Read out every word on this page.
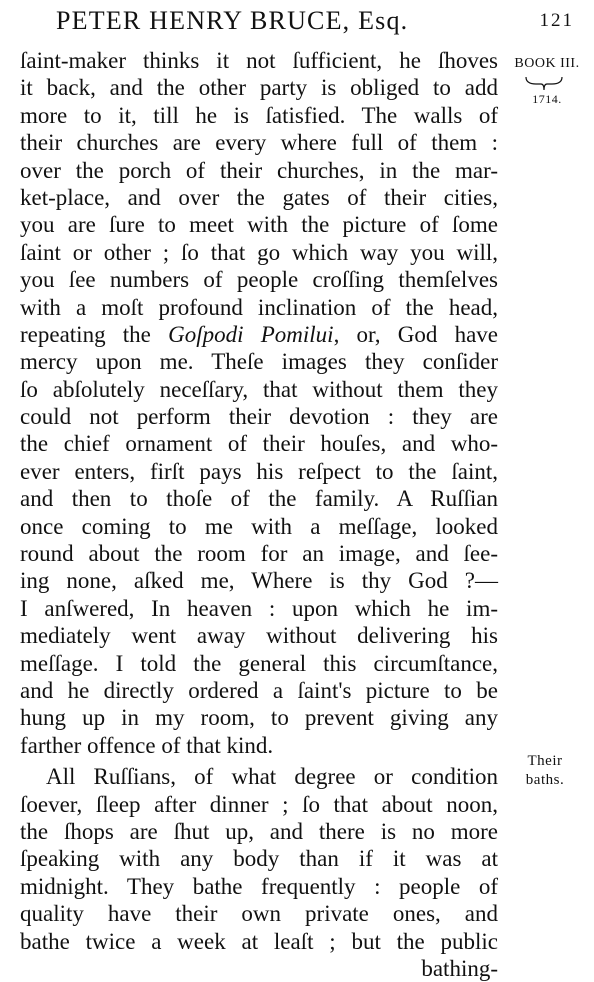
PETER HENRY BRUCE, Esq.	121
BOOK III.
1714.
Their
baths.
ſaint-maker thinks it not ſufficient, he ſhoves
it back, and the other party is obliged to add
more to it, till he is ſatisfied. The walls of
their churches are every where full of them :
over the porch of their churches, in the mar-
ket-place, and over the gates of their cities,
you are ſure to meet with the picture of ſome
ſaint or other ; ſo that go which way you will,
you ſee numbers of people croſſing themſelves
with a moſt profound inclination of the head,
repeating the Goſpodi Pomilui, or, God have
mercy upon me. Theſe images they conſider
ſo abſolutely neceſſary, that without them they
could not perform their devotion : they are
the chief ornament of their houſes, and who-
ever enters, firſt pays his reſpect to the ſaint,
and then to thoſe of the family. A Ruſſian
once coming to me with a meſſage, looked
round about the room for an image, and ſee-
ing none, aſked me, Where is thy God ?—
I anſwered, In heaven : upon which he im-
mediately went away without delivering his
meſſage. I told the general this circumſtance,
and he directly ordered a ſaint's picture to be
hung up in my room, to prevent giving any
farther offence of that kind.
All Ruſſians, of what degree or condition
ſoever, ſleep after dinner ; ſo that about noon,
the ſhops are ſhut up, and there is no more
ſpeaking with any body than if it was at
midnight. They bathe frequently : people of
quality have their own private ones, and
bathe twice a week at leaſt ; but the public
bathing-
